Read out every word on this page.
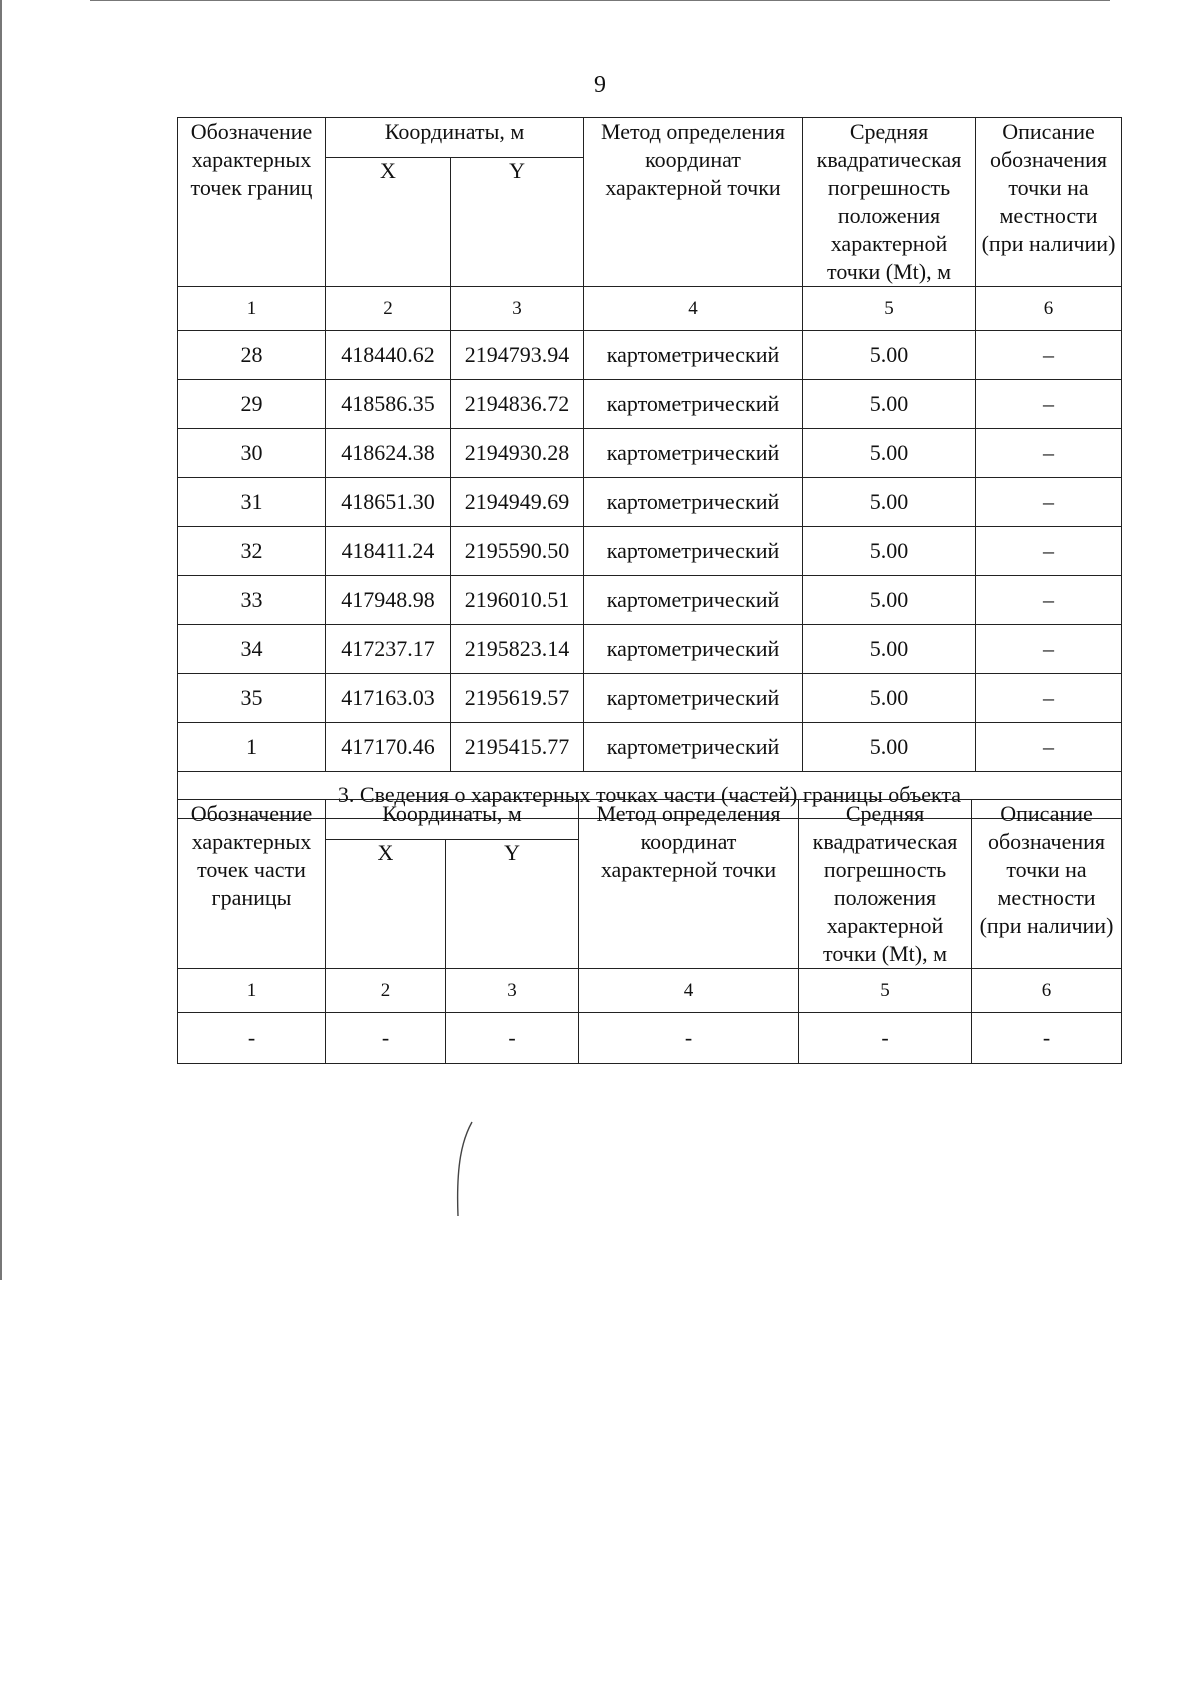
9
Обозначение характерных точек границ	Координаты, м		Метод определения координат характерной точки	Средняя квадратическая погрешность положения характерной точки (Mt), м	Описание обозначения точки на местности (при наличии)
	X	Y			
1	2	3	4	5	6
28	418440.62	2194793.94	картометрический	5.00	–
29	418586.35	2194836.72	картометрический	5.00	–
30	418624.38	2194930.28	картометрический	5.00	–
31	418651.30	2194949.69	картометрический	5.00	–
32	418411.24	2195590.50	картометрический	5.00	–
33	417948.98	2196010.51	картометрический	5.00	–
34	417237.17	2195823.14	картометрический	5.00	–
35	417163.03	2195619.57	картометрический	5.00	–
1	417170.46	2195415.77	картометрический	5.00	–
3. Сведения о характерных точках части (частей) границы объекта					
Обозначение характерных точек части границы	Координаты, м		Метод определения координат характерной точки	Средняя квадратическая погрешность положения характерной точки (Mt), м	Описание обозначения точки на местности (при наличии)
	X	Y			
1	2	3	4	5	6
-	-	-	-	-	-
